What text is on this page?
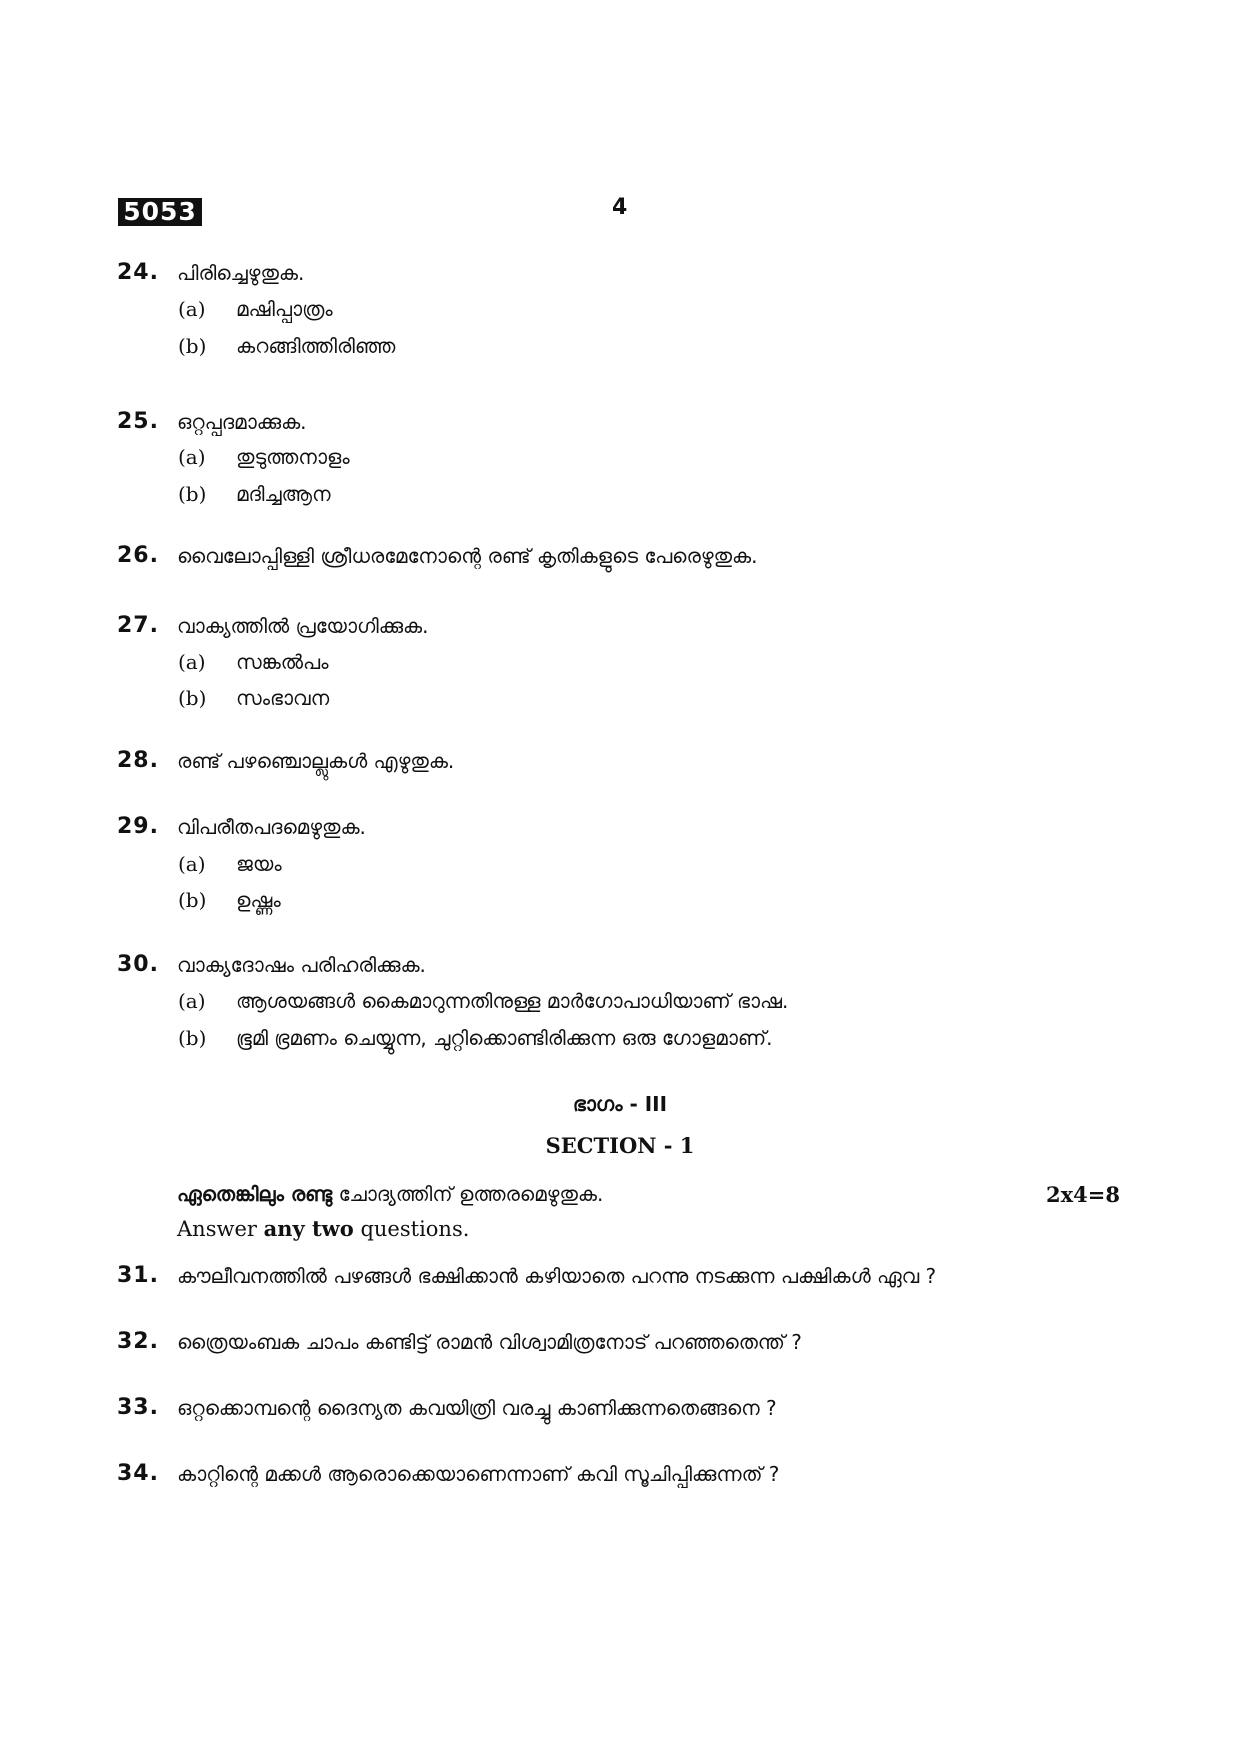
5053	4
24. പിരിച്ചെഴുതുക.
(a) മഷിപ്പാത്രം
(b) കറങ്ങിത്തിരിഞ്ഞ
25. ഒറ്റപ്പദമാക്കുക.
(a) തുടുത്തനാളം
(b) മദിച്ചആന
26. വൈലോപ്പിള്ളി ശ്രീധരമേനോന്റെ രണ്ട് കൃതികളുടെ പേരെഴുതുക.
27. വാക്യത്തിൽ പ്രയോഗിക്കുക.
(a) സങ്കൽപം
(b) സംഭാവന
28. രണ്ട് പഴഞ്ചൊല്ലുകൾ എഴുതുക.
29. വിപരീതപദമെഴുതുക.
(a) ജയം
(b) ഉഷ്ണം
30. വാക്യദോഷം പരിഹരിക്കുക.
(a) ആശയങ്ങൾ കൈമാറുന്നതിനുള്ള മാർഗോപാധിയാണ് ഭാഷ.
(b) ഭൂമി ഭ്രമണം ചെയ്യുന്ന, ചുറ്റിക്കൊണ്ടിരിക്കുന്ന ഒരു ഗോളമാണ്.
ഭാഗം - III
SECTION - 1
ഏതെങ്കിലും രണ്ടു ചോദ്യത്തിന് ഉത്തരമെഴുതുക.	2x4=8
Answer any two questions.
31. കൗലീവനത്തിൽ പഴങ്ങൾ ഭക്ഷിക്കാൻ കഴിയാതെ പറന്നു നടക്കുന്ന പക്ഷികൾ ഏവ ?
32. ത്രൈയംബക ചാപം കണ്ടിട്ട് രാമൻ വിശ്വാമിത്രനോട് പറഞ്ഞതെന്ത് ?
33. ഒറ്റക്കൊമ്പന്റെ ദൈന്യത കവയിത്രി വരച്ചു കാണിക്കുന്നതെങ്ങനെ ?
34. കാറ്റിന്റെ മക്കൾ ആരൊക്കെയാണെന്നാണ് കവി സൂചിപ്പിക്കുന്നത് ?
